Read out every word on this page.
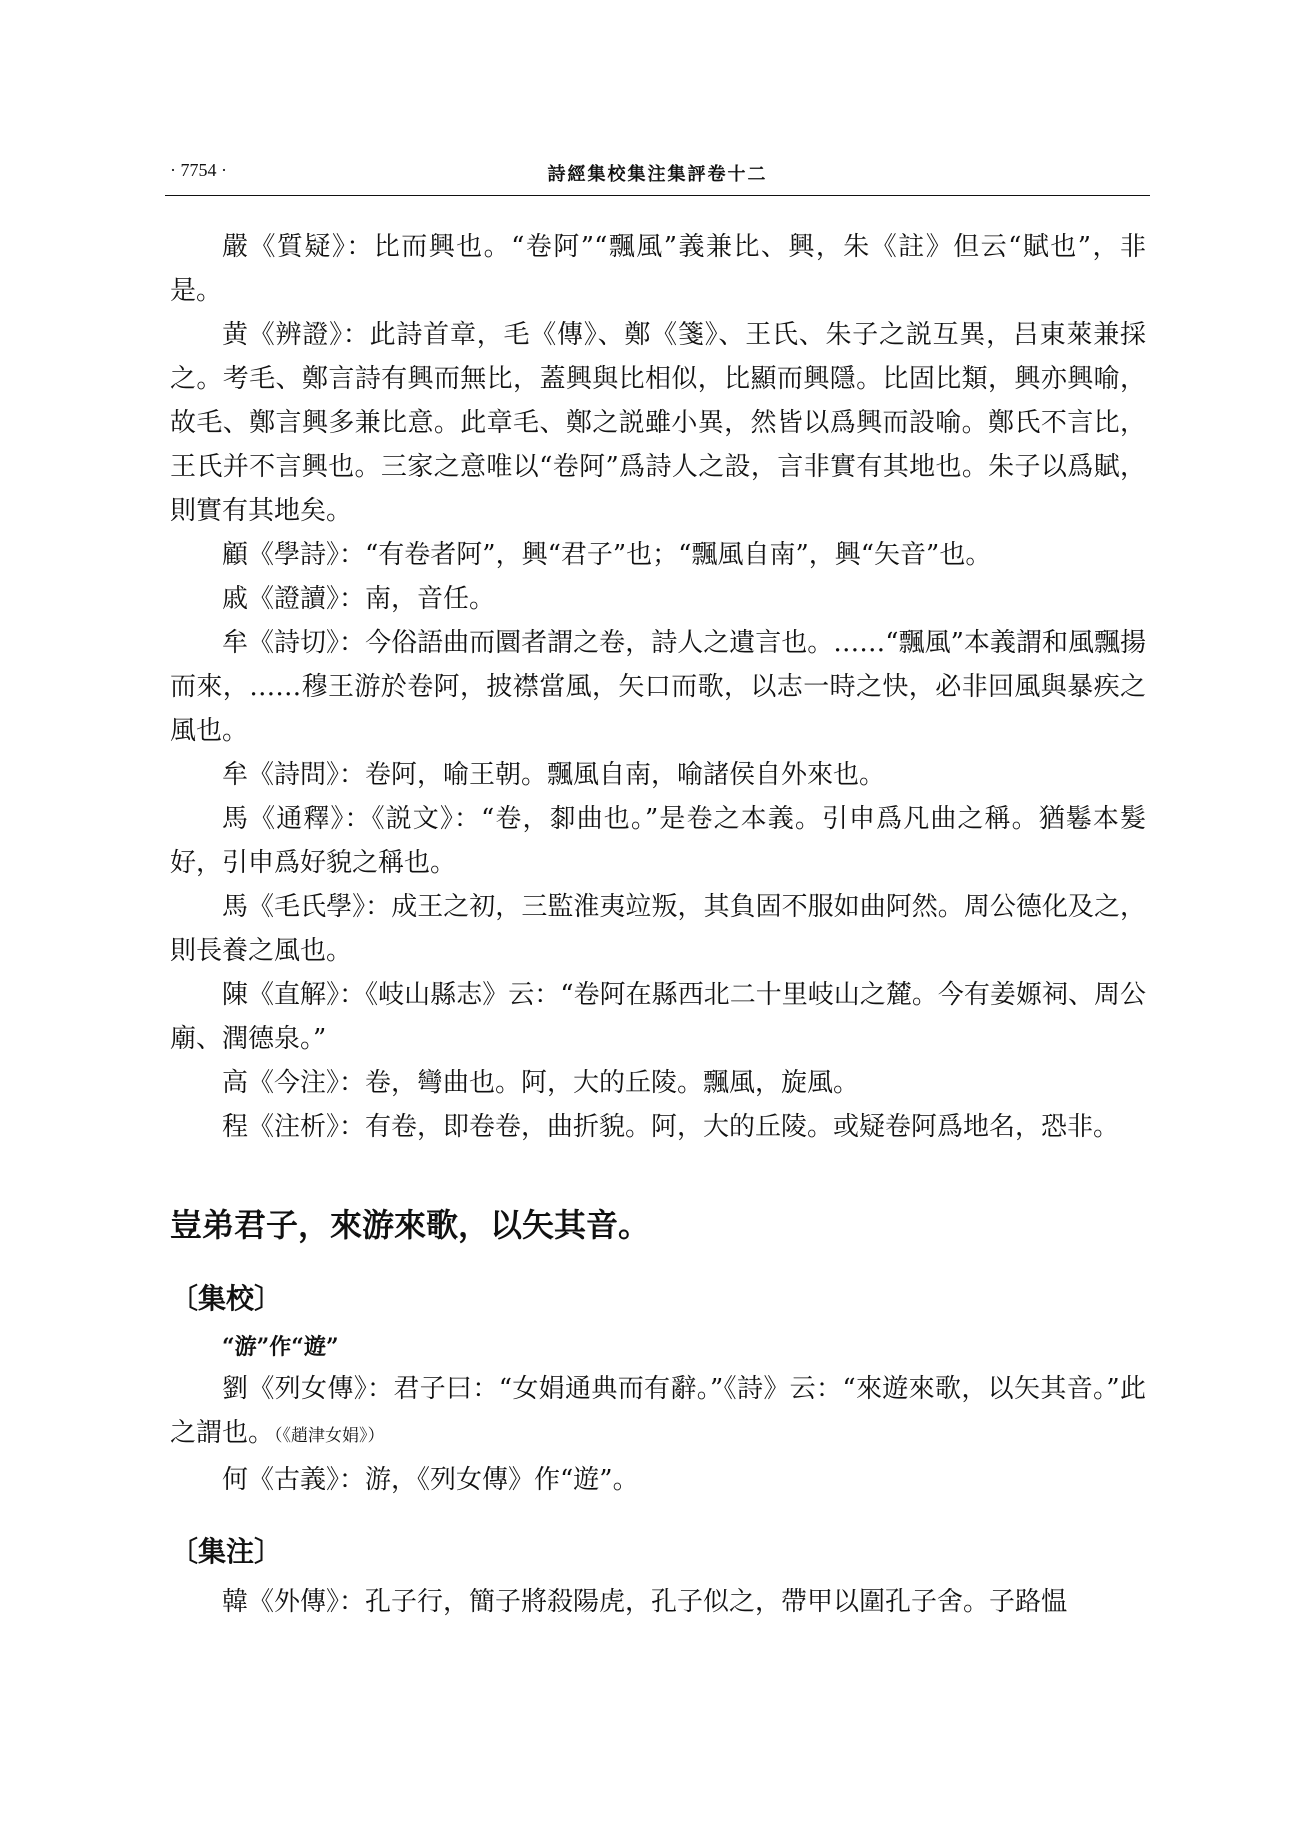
· 7754 ·	詩經集校集注集評卷十二

嚴《質疑》：比而興也。“卷阿”“飄風”義兼比、興，朱《註》但云“賦也”，非是。

黄《辨證》：此詩首章，毛《傳》、鄭《箋》、王氏、朱子之説互異，吕東萊兼採之。考毛、鄭言詩有興而無比，蓋興與比相似，比顯而興隱。比固比類，興亦興喻，故毛、鄭言興多兼比意。此章毛、鄭之説雖小異，然皆以爲興而設喻。鄭氏不言比，王氏并不言興也。三家之意唯以“卷阿”爲詩人之設，言非實有其地也。朱子以爲賦，則實有其地矣。

顧《學詩》：“有卷者阿”，興“君子”也；“飄風自南”，興“矢音”也。

戚《證讀》：南，音任。

牟《詩切》：今俗語曲而圜者謂之卷，詩人之遺言也。……“飄風”本義謂和風飄揚而來，……穆王游於卷阿，披襟當風，矢口而歌，以志一時之快，必非回風與暴疾之風也。

牟《詩問》：卷阿，喻王朝。飄風自南，喻諸侯自外來也。

馬《通釋》：《説文》：“卷，厀曲也。”是卷之本義。引申爲凡曲之稱。猶鬈本髮好，引申爲好貌之稱也。

馬《毛氏學》：成王之初，三監淮夷竝叛，其負固不服如曲阿然。周公德化及之，則長養之風也。

陳《直解》：《岐山縣志》云：“卷阿在縣西北二十里岐山之麓。今有姜嫄祠、周公廟、潤德泉。”

高《今注》：卷，彎曲也。阿，大的丘陵。飄風，旋風。

程《注析》：有卷，即卷卷，曲折貌。阿，大的丘陵。或疑卷阿爲地名，恐非。

豈弟君子，來游來歌，以矢其音。
〔集校〕

“游”作“遊”

劉《列女傳》：君子曰：“女娟通典而有辭。”《詩》云：“來遊來歌，以矢其音。”此之謂也。（《趙津女娟》）

何《古義》：游，《列女傳》作“遊”。

〔集注〕

韓《外傳》：孔子行，簡子將殺陽虎，孔子似之，帶甲以圍孔子舍。子路愠
